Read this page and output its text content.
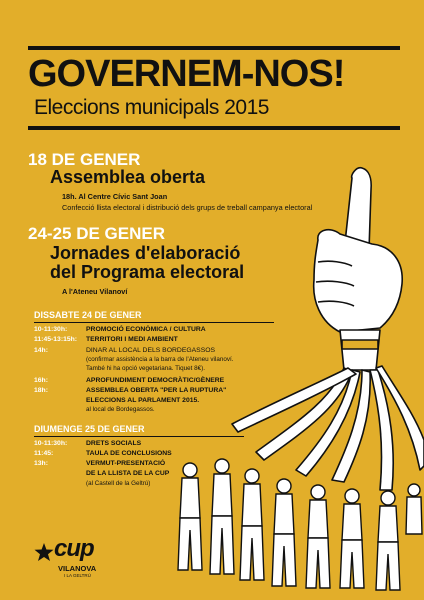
GOVERNEM-NOS!
Eleccions municipals 2015
18 DE GENER
Assemblea oberta
18h. Al Centre Cívic Sant Joan
Confecció llista electoral i distribució dels grups de treball campanya electoral
24-25 DE GENER
Jornades d'elaboració
del Programa electoral
A l'Ateneu Vilanoví
DISSABTE 24 DE GENER
10-11:30h:	PROMOCIÓ ECONÒMICA / CULTURA
11:45-13:15h: TERRITORI I MEDI AMBIENT
14h:	DINAR AL LOCAL DELS BORDEGASSOS
(confirmar assistència a la barra de l'Ateneu vilanoví.
També hi ha opció vegetariana. Tiquet 8€).
16h:	APROFUNDIMENT DEMOCRÀTIC/GÈNERE
18h:	ASSEMBLEA OBERTA "PER LA RUPTURA"
ELECCIONS AL PARLAMENT 2015.
al local de Bordegassos.
DIUMENGE 25 DE GENER
10-11:30h:	DRETS SOCIALS
11:45:	TAULA DE CONCLUSIONS
13h:	VERMUT-PRESENTACIÓ
DE LA LLISTA DE LA CUP
(al Castell de la Geltrú)
cup
VILANOVA
I LA GELTRÚ
